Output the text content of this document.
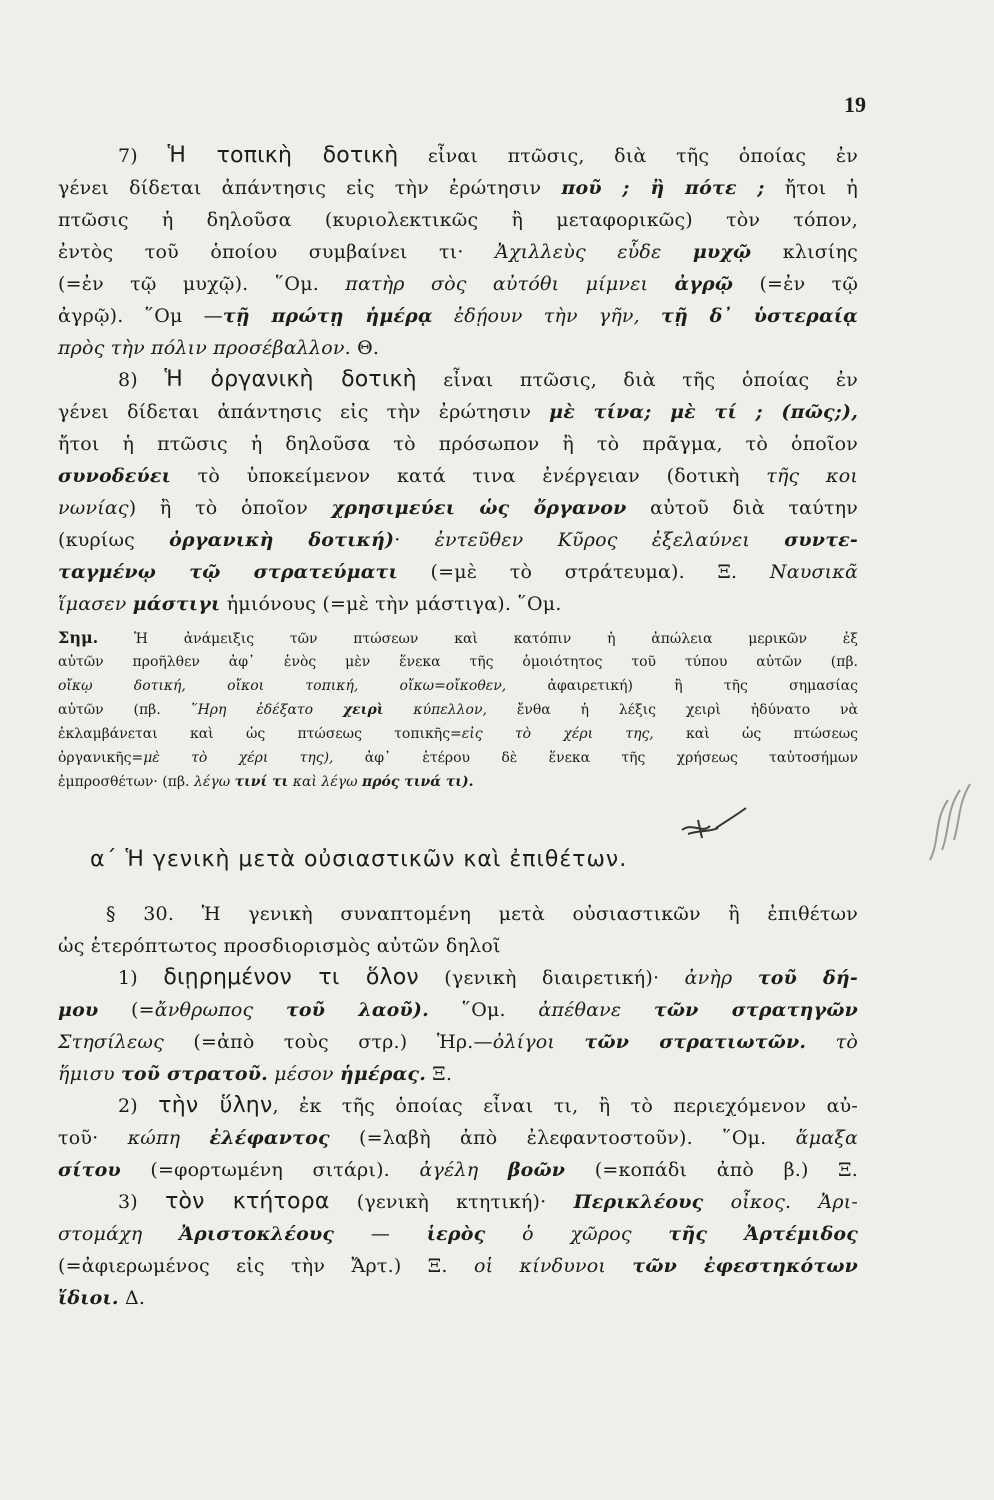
19
7) Ἡ τοπικὴ δοτικὴ εἶναι πτῶσις, διὰ τῆς ὁποίας ἐν
γένει δίδεται ἀπάντησις εἰς τὴν ἐρώτησιν ποῦ ; ἢ πότε ; ἤτοι ἡ
πτῶσις ἡ δηλοῦσα (κυριολεκτικῶς ἢ μεταφορικῶς) τὸν τόπον,
ἐντὸς τοῦ ὁποίου συμβαίνει τι· Ἀχιλλεὺς εὗδε μυχῷ κλισίης
(=ἐν τῷ μυχῷ). ῞Ομ. πατὴρ σὸς αὐτόθι μίμνει ἀγρῷ (=ἐν τῷ
ἀγρῷ). ῞Ομ —τῇ πρώτῃ ἡμέρᾳ ἐδῄουν τὴν γῆν, τῇ δ᾽ ὑστεραίᾳ
πρὸς τὴν πόλιν προσέβαλλον. Θ.
8) Ἡ ὀργανικὴ δοτικὴ εἶναι πτῶσις, διὰ τῆς ὁποίας ἐν
γένει δίδεται ἀπάντησις εἰς τὴν ἐρώτησιν μὲ τίνα; μὲ τί ; (πῶς;),
ἤτοι ἡ πτῶσις ἡ δηλοῦσα τὸ πρόσωπον ἢ τὸ πρᾶγμα, τὸ ὁποῖον
συνοδεύει τὸ ὑποκείμενον κατά τινα ἐνέργειαν (δοτικὴ τῆς κοι
νωνίας) ἢ τὸ ὁποῖον χρησιμεύει ὡς ὄργανον αὐτοῦ διὰ ταύτην
(κυρίως ὀργανικὴ δοτική)· ἐντεῦθεν Κῦρος ἐξελαύνει συντε-
ταγμένῳ τῷ στρατεύματι (=μὲ τὸ στράτευμα). Ξ. Ναυσικᾶ
ἵμασεν μάστιγι ἡμιόνους (=μὲ τὴν μάστιγα). ῞Ομ.
Σημ. Ἡ ἀνάμειξις τῶν πτώσεων καὶ κατόπιν ἡ ἀπώλεια μερικῶν ἐξ
αὐτῶν προῆλθεν ἀφ᾽ ἑνὸς μὲν ἕνεκα τῆς ὁμοιότητος τοῦ τύπου αὐτῶν (πβ.
οἴκῳ δοτική, οἴκοι τοπική, οἴκω=οἴκοθεν, ἀφαιρετική) ἢ τῆς σημασίας
αὐτῶν (πβ. ῞Ηρη ἐδέξατο χειρὶ κύπελλον, ἔνθα ἡ λέξις χειρὶ ἠδύνατο νὰ
ἐκλαμβάνεται καὶ ὡς πτώσεως τοπικῆς=εἰς τὸ χέρι της, καὶ ὡς πτώσεως
ὀργανικῆς=μὲ τὸ χέρι της), ἀφ᾽ ἑτέρου δὲ ἕνεκα τῆς χρήσεως ταὐτοσήμων
ἐμπροσθέτων· (πβ. λέγω τινί τι καὶ λέγω πρός τινά τι).
α΄ Ἡ γενικὴ μετὰ οὐσιαστικῶν καὶ ἐπιθέτων.
§ 30. Ἡ γενικὴ συναπτομένη μετὰ οὐσιαστικῶν ἢ ἐπιθέτων
ὡς ἑτερόπτωτος προσδιορισμὸς αὐτῶν δηλοῖ
1) διῃρημένον τι ὅλον (γενικὴ διαιρετική)· ἀνὴρ τοῦ δή-
μου (=ἄνθρωπος τοῦ λαοῦ). ῞Ομ. ἀπέθανε τῶν στρατηγῶν
Στησίλεως (=ἀπὸ τοὺς στρ.) Ἡρ.—ὀλίγοι τῶν στρατιωτῶν. τὸ
ἥμισυ τοῦ στρατοῦ. μέσον ἡμέρας. Ξ.
2) τὴν ὕλην, ἐκ τῆς ὁποίας εἶναι τι, ἢ τὸ περιεχόμενον αὐ-
τοῦ· κώπη ἐλέφαντος (=λαβὴ ἀπὸ ἐλεφαντοστοῦν). ῞Ομ. ἅμαξα
σίτου (=φορτωμένη σιτάρι). ἀγέλη βοῶν (=κοπάδι ἀπὸ β.) Ξ.
3) τὸν κτήτορα (γενικὴ κτητική)· Περικλέους οἶκος. Ἀρι-
στομάχη Ἀριστοκλέους — ἱερὸς ὁ χῶρος τῆς Ἀρτέμιδος
(=ἀφιερωμένος εἰς τὴν Ἄρτ.) Ξ. οἱ κίνδυνοι τῶν ἐφεστηκότων
ἴδιοι. Δ.
